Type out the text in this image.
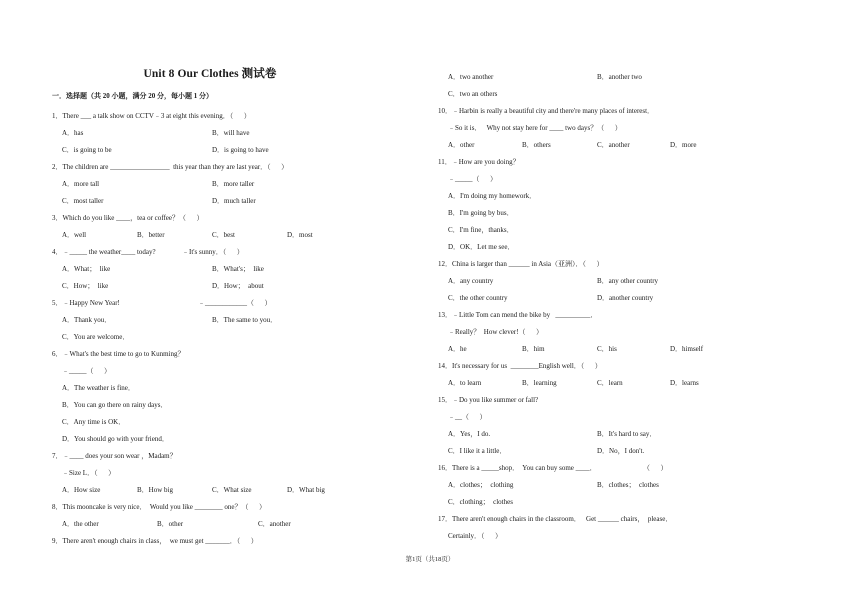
Unit 8 Our Clothes 测试卷
一．选择题（共 20 小题，满分 20 分，每小题 1 分）
1．There ___ a talk show on CCTV﹣3 at eight this evening．（      ）
A．has	B．will have
C．is going to be	D．is going to have
2．The children are _________________  this year than they are last year．（      ）
A．more tall	B．more taller
C．most taller	D．much taller
3．Which do you like ____，tea or coffee？（      ）
A．well	B．better	C．best	D．most
4．﹣_____ the weather____ today?	﹣It's sunny．（      ）
A．What；  like	B．What's；  like
C．How；  like	D．How；  about
5．﹣Happy New Year!	﹣____________（      ）
A．Thank you．	B．The same to you．
C．You are welcome．
6．﹣What's the best time to go to Kunming？
﹣_____（      ）
A．The weather is fine．
B．You can go there on rainy days．
C．Any time is OK．
D．You should go with your friend．
7．﹣____ does your son wear ，Madam？
﹣Size L．（      ）
A．How size	B．How big	C．What size	D．What big
8．This mooncake is very nice．  Would you like ________ one？（      ）
A．the other	B．other	C．another
9．There aren't enough chairs in class，  we must get _______．（      ）
A．two another	B．another two
C．two an others
10．﹣Harbin is really a beautiful city and there're many places of interest．
﹣So it is．   Why not stay here for ____ two days？（      ）
A．other	B．others	C．another	D．more
11．﹣How are you doing？
﹣_____（      ）
A．I'm doing my homework．
B．I'm going by bus．
C．I'm fine，thanks．
D．OK．Let me see．
12．China is larger than ______ in Asia（亚洲）．（      ）
A．any country	B．any other country
C．the other country	D．another country
13．﹣Little Tom can mend the bike by   __________．
﹣Really？  How clever!（      ）
A．he	B．him	C．his	D．himself
14．It's necessary for us  ________English well．（      ）
A．to learn	B．learning	C．learn	D．learns
15．﹣Do you like summer or fall?
﹣__（      ）
A．Yes，I do.	B．It's hard to say．
C．I like it a little．	D．No，I don't.
16．There is a _____shop．  You can buy some ____．	（      ）
A．clothes；  clothing	B．clothes；  clothes
C．clothing；  clothes
17．There aren't enough chairs in the classroom．   Get ______ chairs，  please．
Certainly．（      ）
第1页（共18页）
